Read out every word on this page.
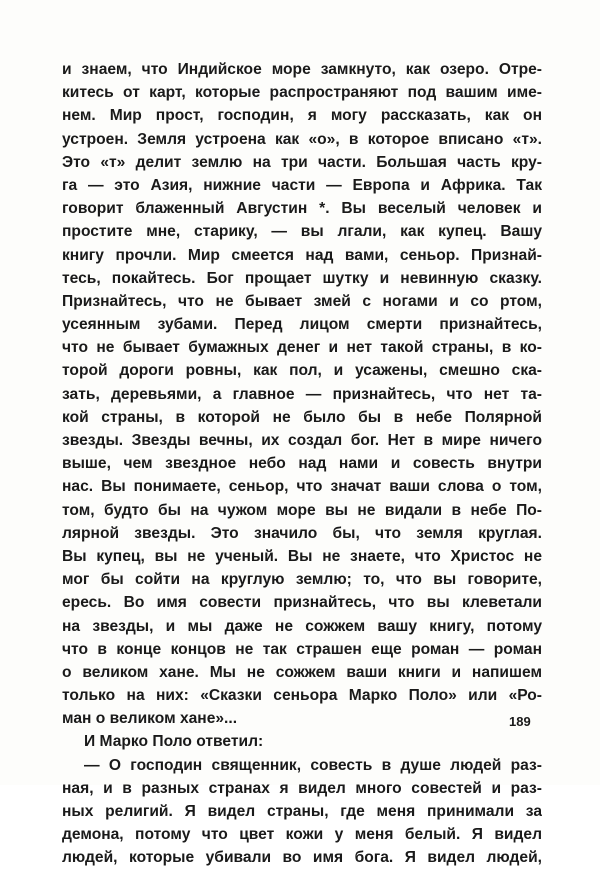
и знаем, что Индийское море замкнуто, как озеро. Отре-
китесь от карт, которые распространяют под вашим име-
нем. Мир прост, господин, я могу рассказать, как он
устроен. Земля устроена как «о», в которое вписано «т».
Это «т» делит землю на три части. Большая часть кру-
га — это Азия, нижние части — Европа и Африка. Так
говорит блаженный Августин *. Вы веселый человек и
простите мне, старику, — вы лгали, как купец. Вашу
книгу прочли. Мир смеется над вами, сеньор. Признай-
тесь, покайтесь. Бог прощает шутку и невинную сказку.
Признайтесь, что не бывает змей с ногами и со ртом,
усеянным зубами. Перед лицом смерти признайтесь,
что не бывает бумажных денег и нет такой страны, в ко-
торой дороги ровны, как пол, и усажены, смешно ска-
зать, деревьями, а главное — признайтесь, что нет та-
кой страны, в которой не было бы в небе Полярной
звезды. Звезды вечны, их создал бог. Нет в мире ничего
выше, чем звездное небо над нами и совесть внутри
нас. Вы понимаете, сеньор, что значат ваши слова о том,
том, будто бы на чужом море вы не видали в небе По-
лярной звезды. Это значило бы, что земля круглая.
Вы купец, вы не ученый. Вы не знаете, что Христос не
мог бы сойти на круглую землю; то, что вы говорите,
ересь. Во имя совести признайтесь, что вы клеветали
на звезды, и мы даже не сожжем вашу книгу, потому
что в конце концов не так страшен еще роман — роман
о великом хане. Мы не сожжем ваши книги и напишем
только на них: «Сказки сеньора Марко Поло» или «Ро-
ман о великом хане»...
И Марко Поло ответил:
— О господин священник, совесть в душе людей раз-
ная, и в разных странах я видел много совестей и раз-
ных религий. Я видел страны, где меня принимали за
демона, потому что цвет кожи у меня белый. Я видел
людей, которые убивали во имя бога. Я видел людей,
189
